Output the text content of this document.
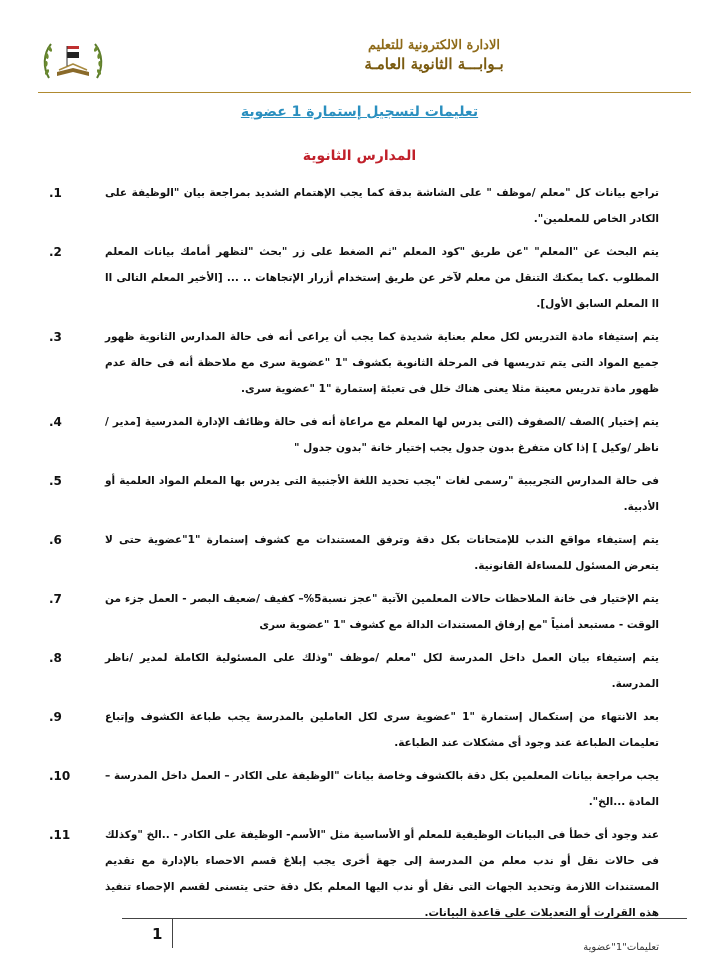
الادارة الالكترونية للتعليم
بـوابـــة الثانوية العامـة
تعليمات لتسجيل إستمارة 1 عضوية
المدارس الثانوية
.1	تراجع بيانات كل "معلم /موظف " على الشاشة بدقة كما يجب الإهتمام الشديد بمراجعة بيان "الوظيفة على الكادر الخاص للمعلمين".
.2	يتم البحث عن "المعلم" "عن طريق "كود المعلم "ثم الضغط على زر "بحث "لتظهر أمامك بيانات المعلم المطلوب .كما يمكنك التنقل من معلم لآخر عن طريق إستخدام أزرار الإتجاهات .. ... [الأخير المعلم التالى اا اا المعلم السابق الأول].
.3	يتم إستيفاء مادة التدريس لكل معلم بعناية شديدة كما يجب أن يراعى أنه فى حالة المدارس الثانوية ظهور جميع المواد التى يتم تدريسها فى المرحلة الثانوية بكشوف "1 "عضوية سرى مع ملاحظة أنه فى حالة عدم ظهور مادة تدريس معينة مثلا يعنى هناك خلل فى تعبئة إستمارة "1 "عضوية سرى.
.4	يتم إختيار )الصف /الصفوف (التى يدرس لها المعلم مع مراعاة أنه فى حالة وظائف الإدارة المدرسية [مدير /ناظر /وكيل ] إذا كان متفرغ بدون جدول يجب إختيار خانة "بدون جدول "
.5	فى حالة المدارس التجريبية "رسمى لغات "يجب تحديد اللغة الأجنبية التى يدرس بها المعلم المواد العلمية أو الأدبية.
.6	يتم إستيفاء مواقع الندب للإمتحانات بكل دقة وترفق المستندات مع كشوف إستمارة "1"عضوية حتى لا يتعرض المسئول للمساءلة القانونية.
.7	يتم الإختيار فى خانة الملاحظات حالات المعلمين الآتية "عجز نسبة5%– كفيف /ضعيف البصر - العمل جزء من الوقت - مستبعد أمنياً "مع إرفاق المستندات الدالة مع كشوف "1 "عضوية سرى
.8	يتم إستيفاء بيان العمل داخل المدرسة لكل "معلم /موظف "وذلك على المسئولية الكاملة لمدير /ناظر المدرسة.
.9	بعد الانتهاء من إستكمال إستمارة "1 "عضوية سرى لكل العاملين بالمدرسة يجب طباعة الكشوف وإتباع تعليمات الطباعة عند وجود أى مشكلات عند الطباعة.
.10	يجب مراجعة بيانات المعلمين بكل دقة بالكشوف وخاصة بيانات "الوظيفة على الكادر – العمل داخل المدرسة – المادة ...الخ".
.11	عند وجود أى خطأ فى البيانات الوظيفية للمعلم أو الأساسية مثل "الأسم- الوظيفة على الكادر - ..الخ "وكذلك فى حالات نقل أو ندب معلم من المدرسة إلى جهة أخرى يجب إبلاغ قسم الاحصاء بالإدارة مع تقديم المستندات اللازمة وتحديد الجهات التى نقل أو ندب اليها المعلم بكل دقة حتى يتسنى لقسم الإحصاء تنفيذ هذه القرارت أو التعديلات على قاعدة البيانات.
1
تعليمات"1"عضوية
